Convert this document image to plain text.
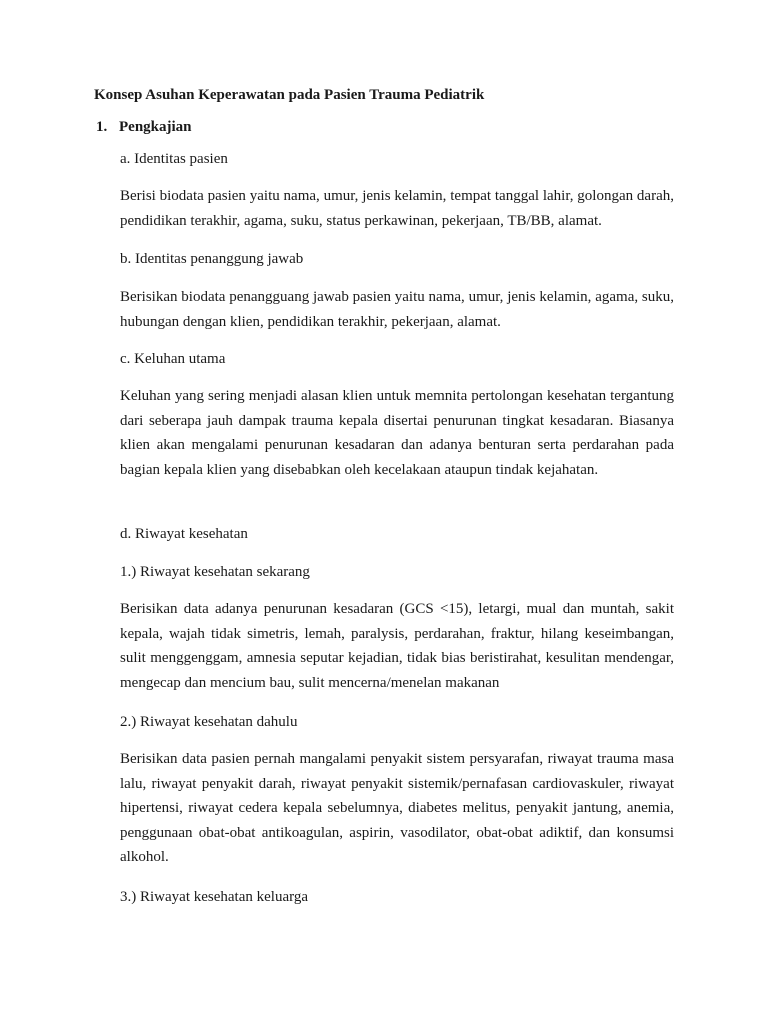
Konsep Asuhan Keperawatan pada Pasien Trauma Pediatrik

1. Pengkajian

a. Identitas pasien

Berisi biodata pasien yaitu nama, umur, jenis kelamin, tempat tanggal lahir, golongan darah, pendidikan terakhir, agama, suku, status perkawinan, pekerjaan, TB/BB, alamat.

b. Identitas penanggung jawab

Berisikan biodata penangguang jawab pasien yaitu nama, umur, jenis kelamin, agama, suku, hubungan dengan klien, pendidikan terakhir, pekerjaan, alamat.

c. Keluhan utama

Keluhan yang sering menjadi alasan klien untuk memnita pertolongan kesehatan tergantung dari seberapa jauh dampak trauma kepala disertai penurunan tingkat kesadaran. Biasanya klien akan mengalami penurunan kesadaran dan adanya benturan serta perdarahan pada bagian kepala klien yang disebabkan oleh kecelakaan ataupun tindak kejahatan.

d. Riwayat kesehatan

1.) Riwayat kesehatan sekarang

Berisikan data adanya penurunan kesadaran (GCS <15), letargi, mual dan muntah, sakit kepala, wajah tidak simetris, lemah, paralysis, perdarahan, fraktur, hilang keseimbangan, sulit menggenggam, amnesia seputar kejadian, tidak bias beristirahat, kesulitan mendengar, mengecap dan mencium bau, sulit mencerna/menelan makanan

2.) Riwayat kesehatan dahulu

Berisikan data pasien pernah mangalami penyakit sistem persyarafan, riwayat trauma masa lalu, riwayat penyakit darah, riwayat penyakit sistemik/pernafasan cardiovaskuler, riwayat hipertensi, riwayat cedera kepala sebelumnya, diabetes melitus, penyakit jantung, anemia, penggunaan obat-obat antikoagulan, aspirin, vasodilator, obat-obat adiktif, dan konsumsi alkohol.

3.) Riwayat kesehatan keluarga
